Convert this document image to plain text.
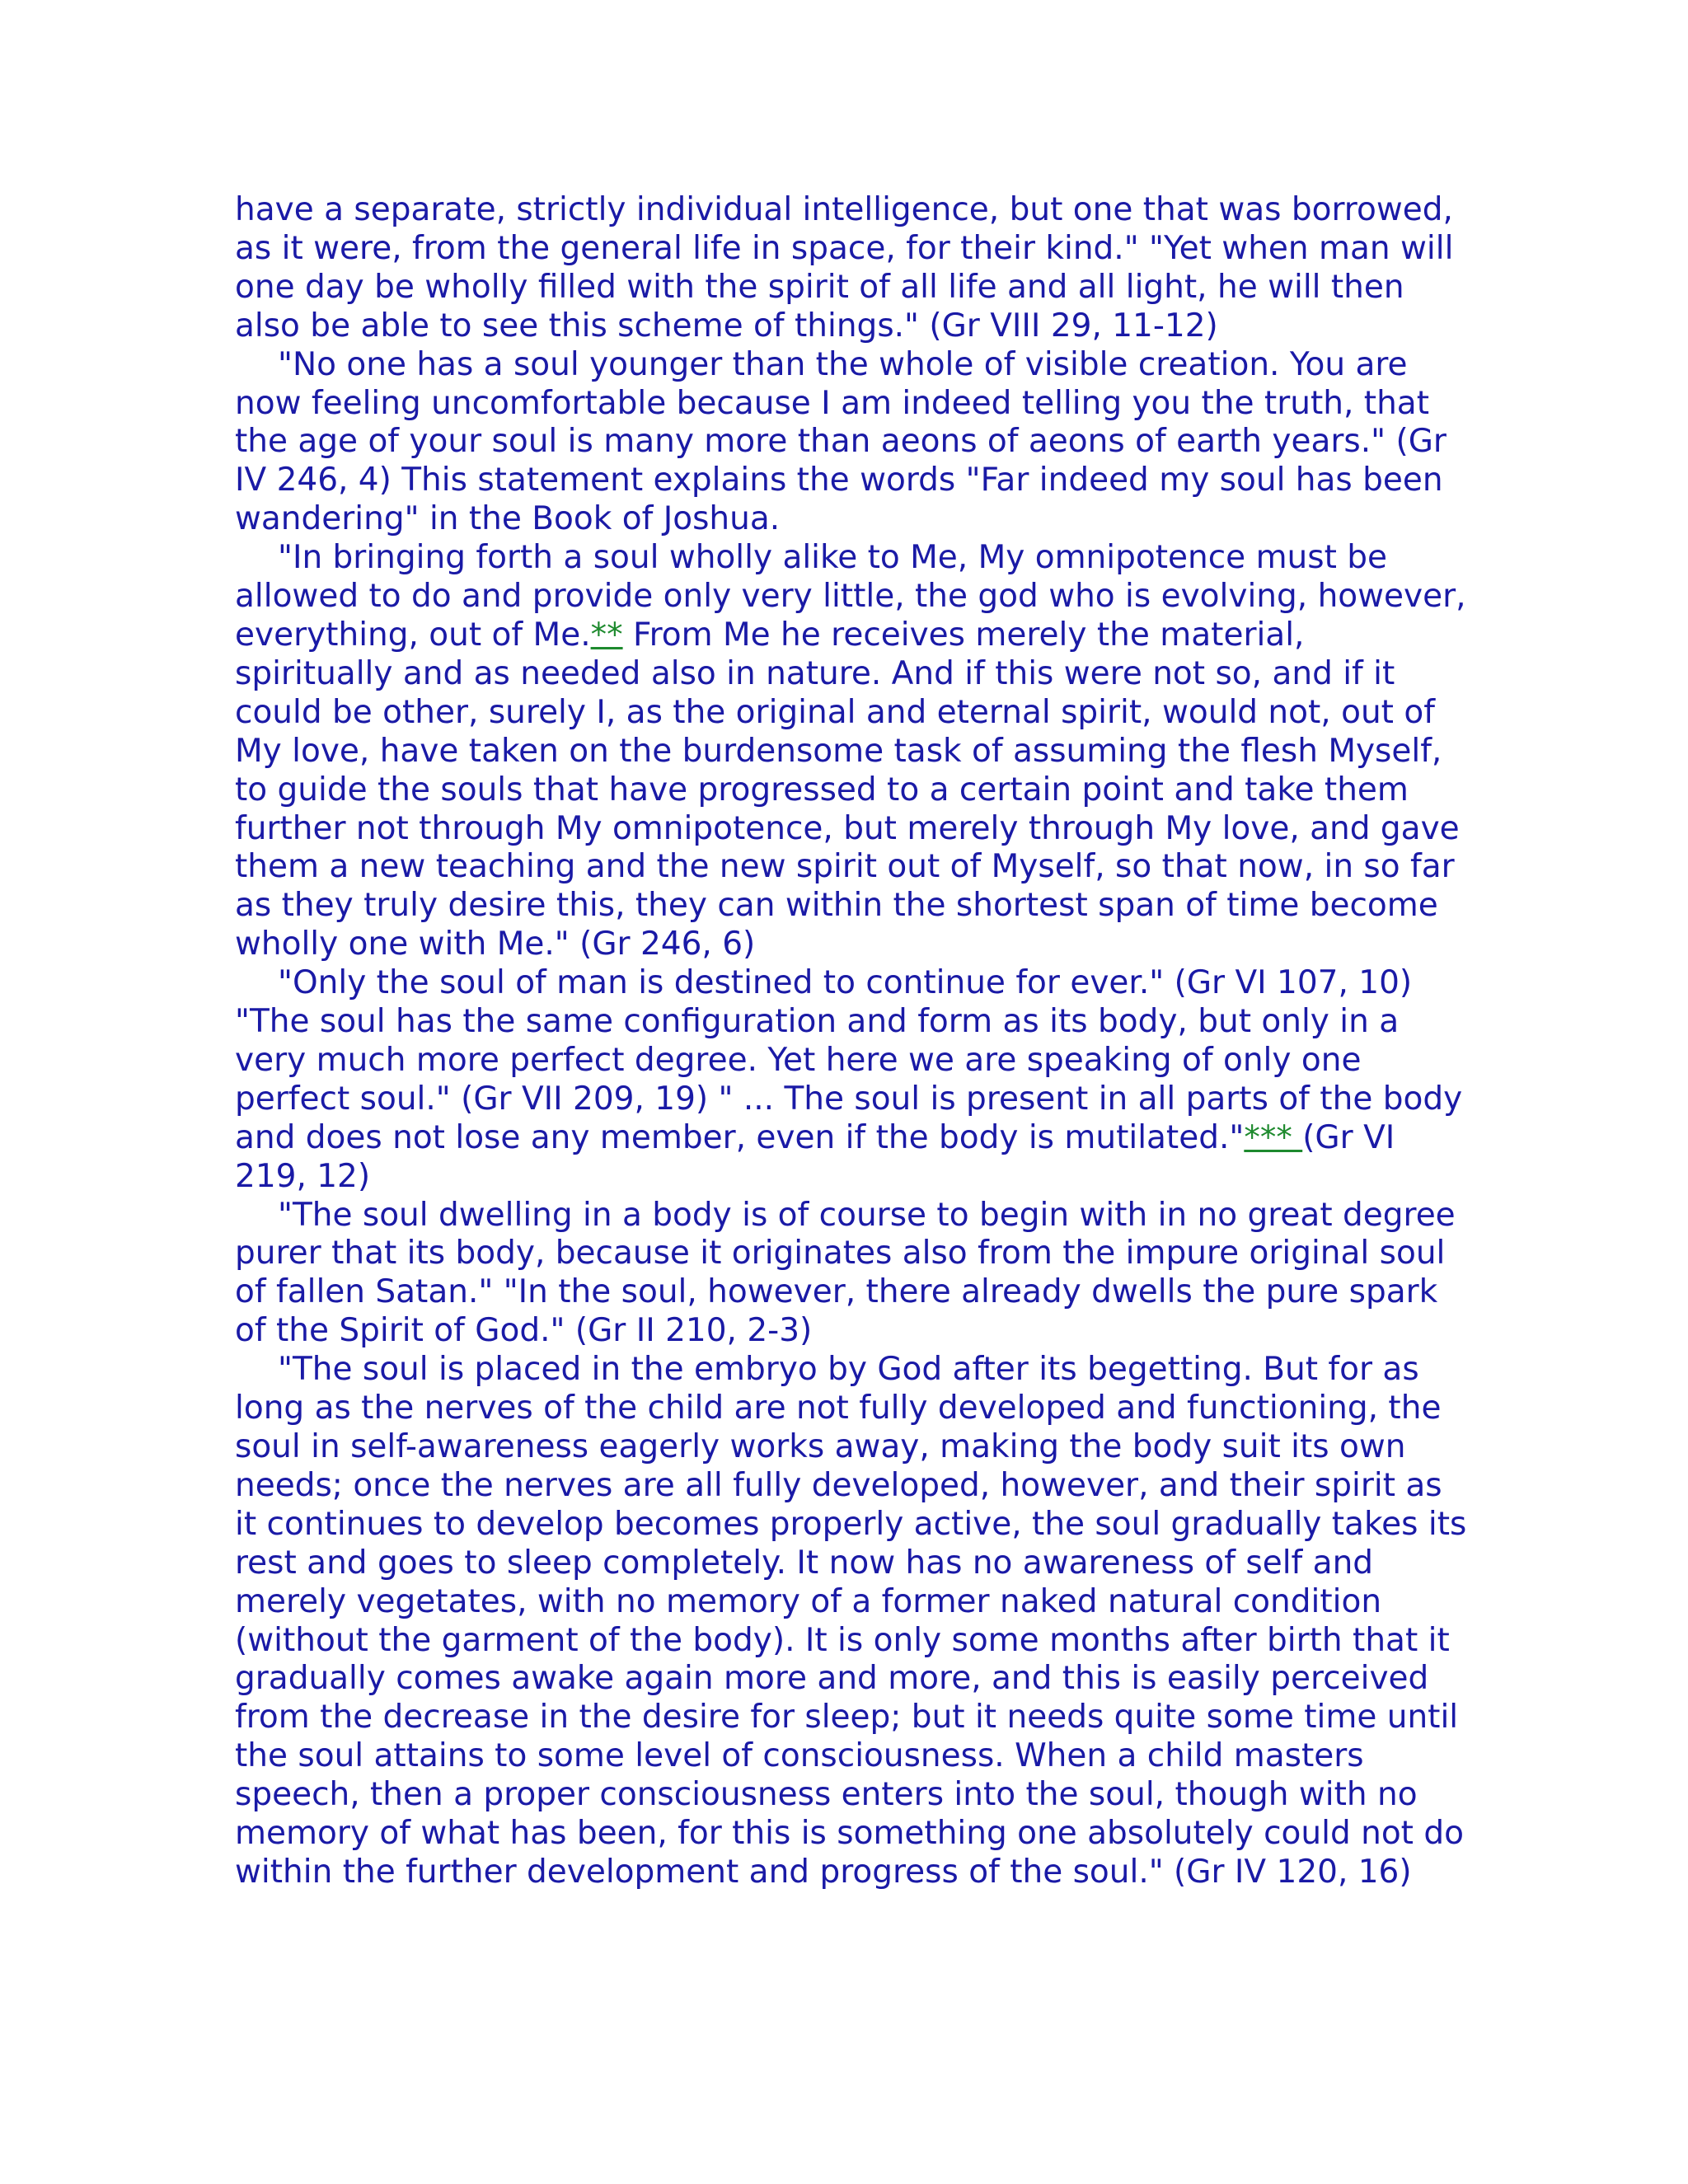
have a separate, strictly individual intelligence, but one that was borrowed, as it were, from the general life in space, for their kind." "Yet when man will one day be wholly filled with the spirit of all life and all light, he will then also be able to see this scheme of things." (Gr VIII 29, 11-12)

"No one has a soul younger than the whole of visible creation. You are now feeling uncomfortable because I am indeed telling you the truth, that the age of your soul is many more than aeons of aeons of earth years." (Gr IV 246, 4) This statement explains the words "Far indeed my soul has been wandering" in the Book of Joshua.

"In bringing forth a soul wholly alike to Me, My omnipotence must be allowed to do and provide only very little, the god who is evolving, however, everything, out of Me.** From Me he receives merely the material, spiritually and as needed also in nature. And if this were not so, and if it could be other, surely I, as the original and eternal spirit, would not, out of My love, have taken on the burdensome task of assuming the flesh Myself, to guide the souls that have progressed to a certain point and take them further not through My omnipotence, but merely through My love, and gave them a new teaching and the new spirit out of Myself, so that now, in so far as they truly desire this, they can within the shortest span of time become wholly one with Me." (Gr 246, 6)

"Only the soul of man is destined to continue for ever." (Gr VI 107, 10) "The soul has the same configuration and form as its body, but only in a very much more perfect degree. Yet here we are speaking of only one perfect soul." (Gr VII 209, 19) " ... The soul is present in all parts of the body and does not lose any member, even if the body is mutilated."*** (Gr VI 219, 12)

"The soul dwelling in a body is of course to begin with in no great degree purer that its body, because it originates also from the impure original soul of fallen Satan." "In the soul, however, there already dwells the pure spark of the Spirit of God." (Gr II 210, 2-3)

"The soul is placed in the embryo by God after its begetting. But for as long as the nerves of the child are not fully developed and functioning, the soul in self-awareness eagerly works away, making the body suit its own needs; once the nerves are all fully developed, however, and their spirit as it continues to develop becomes properly active, the soul gradually takes its rest and goes to sleep completely. It now has no awareness of self and merely vegetates, with no memory of a former naked natural condition (without the garment of the body). It is only some months after birth that it gradually comes awake again more and more, and this is easily perceived from the decrease in the desire for sleep; but it needs quite some time until the soul attains to some level of consciousness. When a child masters speech, then a proper consciousness enters into the soul, though with no memory of what has been, for this is something one absolutely could not do within the further development and progress of the soul." (Gr IV 120, 16)
